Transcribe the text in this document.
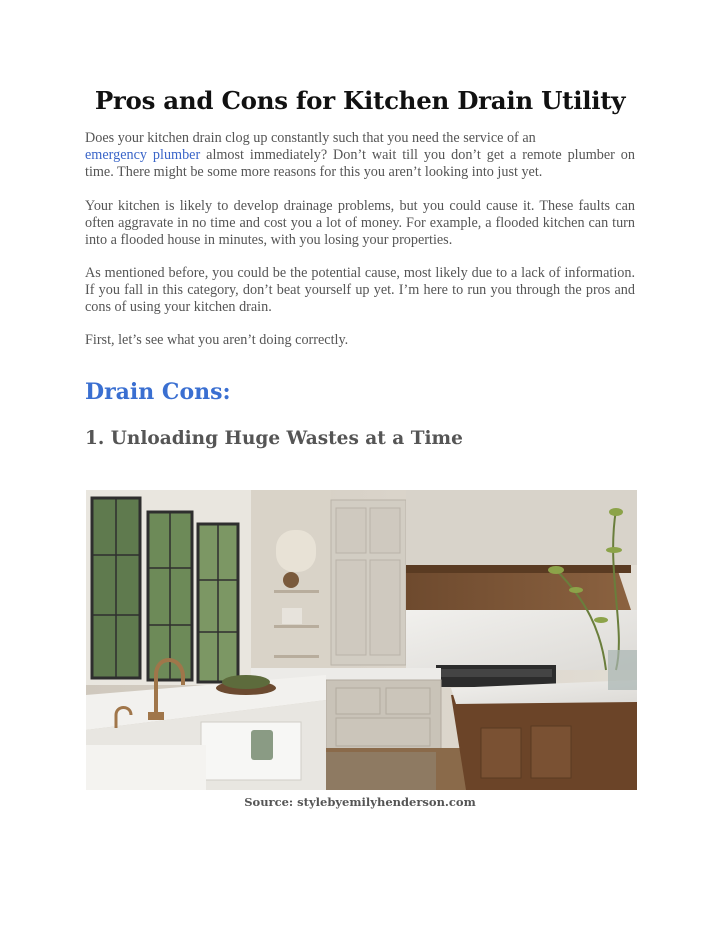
Pros and Cons for Kitchen Drain Utility

Does your kitchen drain clog up constantly such that you need the service of an
emergency plumber almost immediately? Don’t wait till you don’t get a remote plumber on time. There might be some more reasons for this you aren’t looking into just yet.

Your kitchen is likely to develop drainage problems, but you could cause it. These faults can often aggravate in no time and cost you a lot of money. For example, a flooded kitchen can turn into a flooded house in minutes, with you losing your properties.

As mentioned before, you could be the potential cause, most likely due to a lack of information. If you fall in this category, don’t beat yourself up yet. I’m here to run you through the pros and cons of using your kitchen drain.

First, let’s see what you aren’t doing correctly.

Drain Cons:
1. Unloading Huge Wastes at a Time
Source: stylebyemilyhenderson.com
